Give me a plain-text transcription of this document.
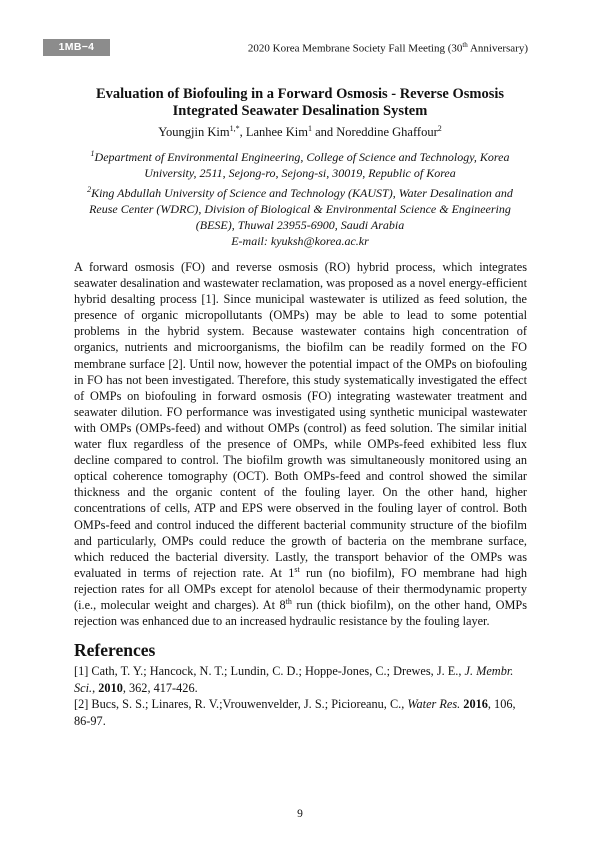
1MB−4	2020 Korea Membrane Society Fall Meeting (30th Anniversary)
Evaluation of Biofouling in a Forward Osmosis - Reverse Osmosis
Integrated Seawater Desalination System
Youngjin Kim$^{1,*}$, Lanhee Kim$^1$ and Noreddine Ghaffour$^2$
$^1$Department of Environmental Engineering, College of Science and Technology, Korea University, 2511, Sejong-ro, Sejong-si, 30019, Republic of Korea
$^2$King Abdullah University of Science and Technology (KAUST), Water Desalination and Reuse Center (WDRC), Division of Biological & Environmental Science & Engineering (BESE), Thuwal 23955-6900, Saudi Arabia
E-mail: kyuksh@korea.ac.kr

A forward osmosis (FO) and reverse osmosis (RO) hybrid process, which integrates seawater desalination and wastewater reclamation, was proposed as a novel energy-efficient hybrid desalting process [1]. Since municipal wastewater is utilized as feed solution, the presence of organic micropollutants (OMPs) may be able to lead to some potential problems in the hybrid system. Because wastewater contains high concentration of organics, nutrients and microorganisms, the biofilm can be readily formed on the FO membrane surface [2]. Until now, however the potential impact of the OMPs on biofouling in FO has not been investigated. Therefore, this study systematically investigated the effect of OMPs on biofouling in forward osmosis (FO) integrating wastewater treatment and seawater dilution. FO performance was investigated using synthetic municipal wastewater with OMPs (OMPs-feed) and without OMPs (control) as feed solution. The similar initial water flux regardless of the presence of OMPs, while OMPs-feed exhibited less flux decline compared to control. The biofilm growth was simultaneously monitored using an optical coherence tomography (OCT). Both OMPs-feed and control showed the similar thickness and the organic content of the fouling layer. On the other hand, higher concentrations of cells, ATP and EPS were observed in the fouling layer of control. Both OMPs-feed and control induced the different bacterial community structure of the biofilm and particularly, OMPs could reduce the growth of bacteria on the membrane surface, which reduced the bacterial diversity. Lastly, the transport behavior of the OMPs was evaluated in terms of rejection rate. At 1st run (no biofilm), FO membrane had high rejection rates for all OMPs except for atenolol because of their thermodynamic property (i.e., molecular weight and charges). At 8th run (thick biofilm), on the other hand, OMPs rejection was enhanced due to an increased hydraulic resistance by the fouling layer.

References

[1] Cath, T. Y.; Hancock, N. T.; Lundin, C. D.; Hoppe-Jones, C.; Drewes, J. E., J. Membr. Sci., 2010, 362, 417-426.

[2] Bucs, S. S.; Linares, R. V.;Vrouwenvelder, J. S.; Picioreanu, C., Water Res. 2016, 106, 86-97.

9
